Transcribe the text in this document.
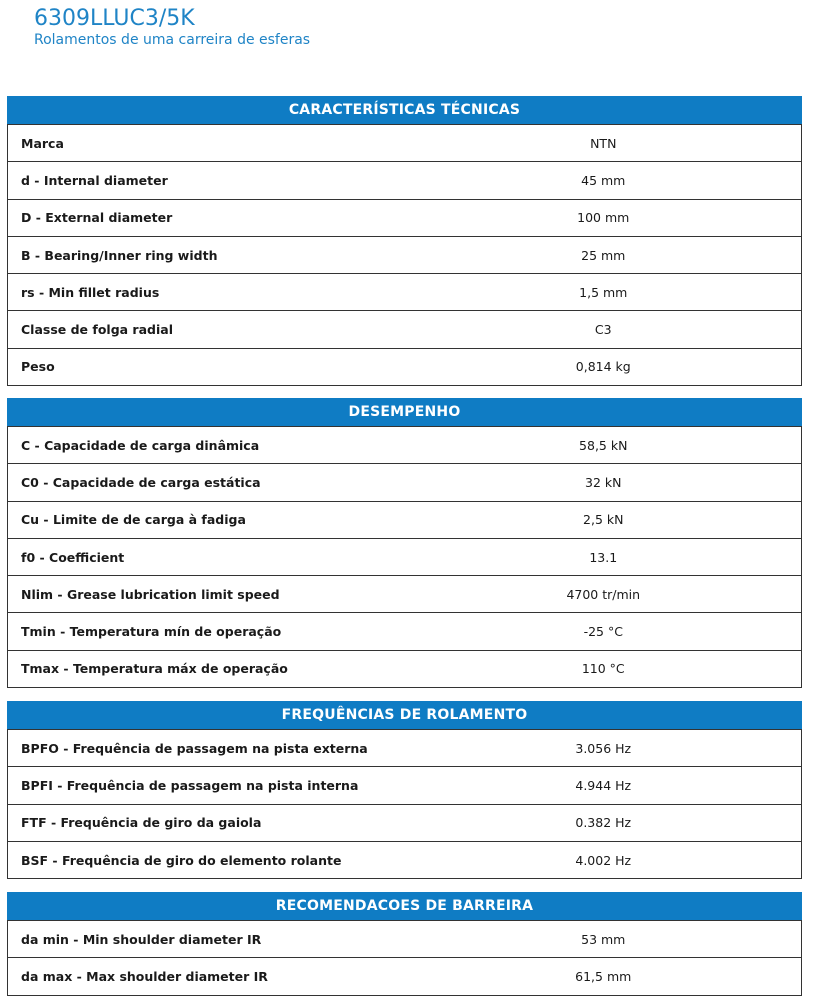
6309LLUC3/5K
Rolamentos de uma carreira de esferas
CARACTERÍSTICAS TÉCNICAS
Marca	NTN
d - Internal diameter	45 mm
D - External diameter	100 mm
B - Bearing/Inner ring width	25 mm
rs - Min fillet radius	1,5 mm
Classe de folga radial	C3
Peso	0,814 kg
DESEMPENHO
C - Capacidade de carga dinâmica	58,5 kN
C0 - Capacidade de carga estática	32 kN
Cu - Limite de de carga à fadiga	2,5 kN
f0 - Coefficient	13.1
Nlim - Grease lubrication limit speed	4700 tr/min
Tmin - Temperatura mín de operação	-25 °C
Tmax - Temperatura máx de operação	110 °C
FREQUÊNCIAS DE ROLAMENTO
BPFO - Frequência de passagem na pista externa	3.056 Hz
BPFI - Frequência de passagem na pista interna	4.944 Hz
FTF - Frequência de giro da gaiola	0.382 Hz
BSF - Frequência de giro do elemento rolante	4.002 Hz
RECOMENDACOES DE BARREIRA
da min - Min shoulder diameter IR	53 mm
da max - Max shoulder diameter IR	61,5 mm
